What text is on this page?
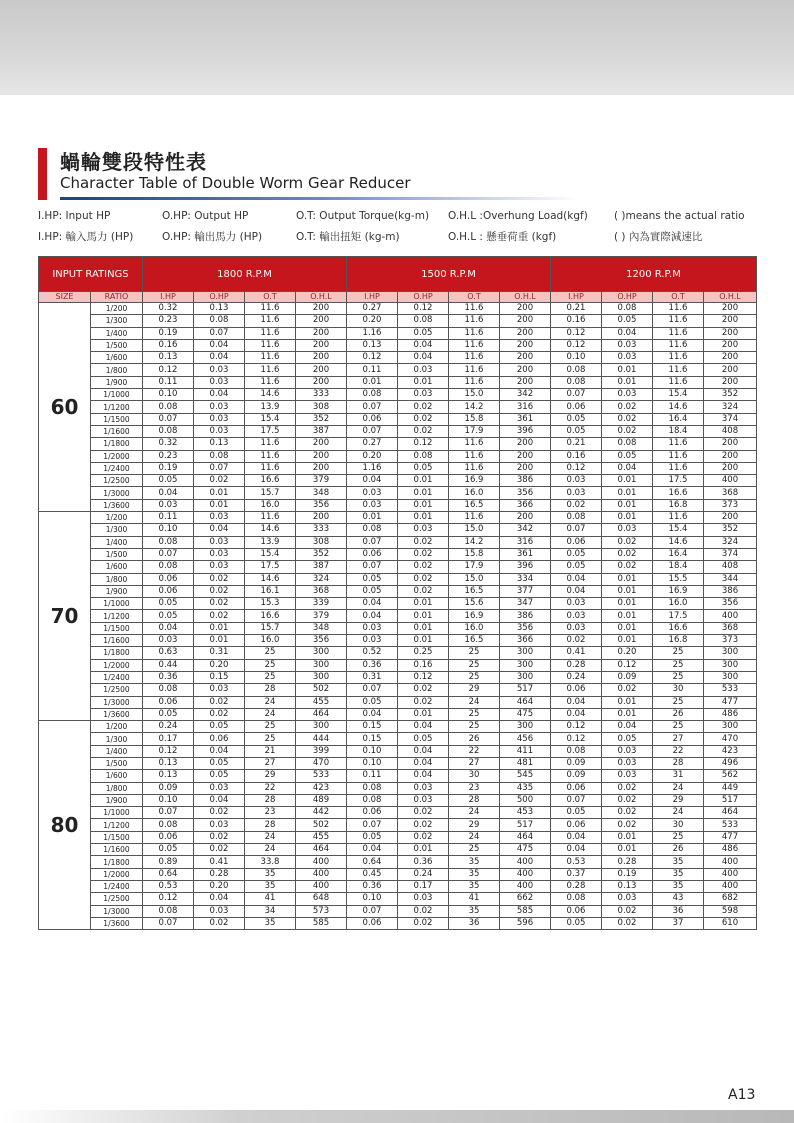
蝸輪雙段特性表
Character Table of Double Worm Gear Reducer
I.HP: Input HP	O.HP: Output HP	O.T: Output Torque(kg-m) O.H.L :Overhung Load(kgf) ( )means the actual ratio
I.HP: 輸入馬力 (HP)	O.HP: 輸出馬力 (HP)	O.T: 輸出扭矩 (kg-m)	O.H.L : 懸垂荷重 (kgf)	( ) 內為實際減速比
INPUT RATINGS		1800 R.P.M				1500 R.P.M				1200 R.P.M			
SIZE	RATIO	I.HP	O.HP	O.T	O.H.L	I.HP	O.HP	O.T	O.H.L	I.HP	O.HP	O.T	O.H.L
60	1/200	0.32	0.13	11.6	200	0.27	0.12	11.6	200	0.21	0.08	11.6	200
	1/300	0.23	0.08	11.6	200	0.20	0.08	11.6	200	0.16	0.05	11.6	200
	1/400	0.19	0.07	11.6	200	1.16	0.05	11.6	200	0.12	0.04	11.6	200
	1/500	0.16	0.04	11.6	200	0.13	0.04	11.6	200	0.12	0.03	11.6	200
	1/600	0.13	0.04	11.6	200	0.12	0.04	11.6	200	0.10	0.03	11.6	200
	1/800	0.12	0.03	11.6	200	0.11	0.03	11.6	200	0.08	0.01	11.6	200
	1/900	0.11	0.03	11.6	200	0.01	0.01	11.6	200	0.08	0.01	11.6	200
	1/1000	0.10	0.04	14.6	333	0.08	0.03	15.0	342	0.07	0.03	15.4	352
	1/1200	0.08	0.03	13.9	308	0.07	0.02	14.2	316	0.06	0.02	14.6	324
	1/1500	0.07	0.03	15.4	352	0.06	0.02	15.8	361	0.05	0.02	16.4	374
	1/1600	0.08	0.03	17.5	387	0.07	0.02	17.9	396	0.05	0.02	18.4	408
	1/1800	0.32	0.13	11.6	200	0.27	0.12	11.6	200	0.21	0.08	11.6	200
	1/2000	0.23	0.08	11.6	200	0.20	0.08	11.6	200	0.16	0.05	11.6	200
	1/2400	0.19	0.07	11.6	200	1.16	0.05	11.6	200	0.12	0.04	11.6	200
	1/2500	0.05	0.02	16.6	379	0.04	0.01	16.9	386	0.03	0.01	17.5	400
	1/3000	0.04	0.01	15.7	348	0.03	0.01	16.0	356	0.03	0.01	16.6	368
	1/3600	0.03	0.01	16.0	356	0.03	0.01	16.5	366	0.02	0.01	16.8	373
70	1/200	0.11	0.03	11.6	200	0.01	0.01	11.6	200	0.08	0.01	11.6	200
	1/300	0.10	0.04	14.6	333	0.08	0.03	15.0	342	0.07	0.03	15.4	352
	1/400	0.08	0.03	13.9	308	0.07	0.02	14.2	316	0.06	0.02	14.6	324
	1/500	0.07	0.03	15.4	352	0.06	0.02	15.8	361	0.05	0.02	16.4	374
	1/600	0.08	0.03	17.5	387	0.07	0.02	17.9	396	0.05	0.02	18.4	408
	1/800	0.06	0.02	14.6	324	0.05	0.02	15.0	334	0.04	0.01	15.5	344
	1/900	0.06	0.02	16.1	368	0.05	0.02	16.5	377	0.04	0.01	16.9	386
	1/1000	0.05	0.02	15.3	339	0.04	0.01	15.6	347	0.03	0.01	16.0	356
	1/1200	0.05	0.02	16.6	379	0.04	0.01	16.9	386	0.03	0.01	17.5	400
	1/1500	0.04	0.01	15.7	348	0.03	0.01	16.0	356	0.03	0.01	16.6	368
	1/1600	0.03	0.01	16.0	356	0.03	0.01	16.5	366	0.02	0.01	16.8	373
	1/1800	0.63	0.31	25	300	0.52	0.25	25	300	0.41	0.20	25	300
	1/2000	0.44	0.20	25	300	0.36	0.16	25	300	0.28	0.12	25	300
	1/2400	0.36	0.15	25	300	0.31	0.12	25	300	0.24	0.09	25	300
	1/2500	0.08	0.03	28	502	0.07	0.02	29	517	0.06	0.02	30	533
	1/3000	0.06	0.02	24	455	0.05	0.02	24	464	0.04	0.01	25	477
	1/3600	0.05	0.02	24	464	0.04	0.01	25	475	0.04	0.01	26	486
80	1/200	0.24	0.05	25	300	0.15	0.04	25	300	0.12	0.04	25	300
	1/300	0.17	0.06	25	444	0.15	0.05	26	456	0.12	0.05	27	470
	1/400	0.12	0.04	21	399	0.10	0.04	22	411	0.08	0.03	22	423
	1/500	0.13	0.05	27	470	0.10	0.04	27	481	0.09	0.03	28	496
	1/600	0.13	0.05	29	533	0.11	0.04	30	545	0.09	0.03	31	562
	1/800	0.09	0.03	22	423	0.08	0.03	23	435	0.06	0.02	24	449
	1/900	0.10	0.04	28	489	0.08	0.03	28	500	0.07	0.02	29	517
	1/1000	0.07	0.02	23	442	0.06	0.02	24	453	0.05	0.02	24	464
	1/1200	0.08	0.03	28	502	0.07	0.02	29	517	0.06	0.02	30	533
	1/1500	0.06	0.02	24	455	0.05	0.02	24	464	0.04	0.01	25	477
	1/1600	0.05	0.02	24	464	0.04	0.01	25	475	0.04	0.01	26	486
	1/1800	0.89	0.41	33.8	400	0.64	0.36	35	400	0.53	0.28	35	400
	1/2000	0.64	0.28	35	400	0.45	0.24	35	400	0.37	0.19	35	400
	1/2400	0.53	0.20	35	400	0.36	0.17	35	400	0.28	0.13	35	400
	1/2500	0.12	0.04	41	648	0.10	0.03	41	662	0.08	0.03	43	682
	1/3000	0.08	0.03	34	573	0.07	0.02	35	585	0.06	0.02	36	598
	1/3600	0.07	0.02	35	585	0.06	0.02	36	596	0.05	0.02	37	610
A13
